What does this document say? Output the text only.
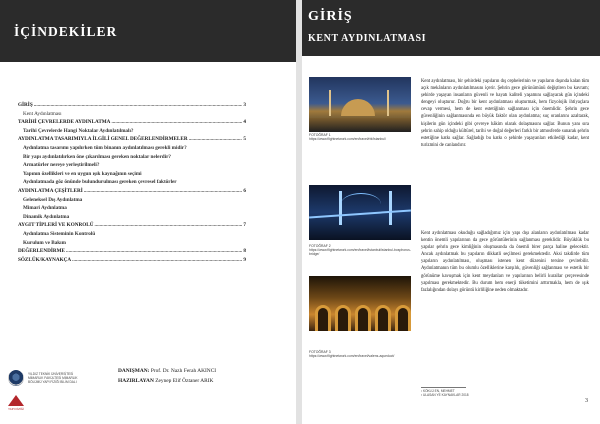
İÇİNDEKİLER
GİRİŞ .....	3
Kent Aydınlatması
TARİHİ ÇEVRELERDE AYDINLATMA .....	4
Tarihi Çevrelerde Hangi Noktalar Aydınlatılmalı?
AYDINLATMA TASARIMIYLA İLGİLİ GENEL DEĞERLENDİRMELER .....	5
Aydınlatma tasarımı yapılırken tüm binanın aydınlatılması gerekli midir?
Bir yapı aydınlatılırken öne çıkarılması gereken noktalar nelerdir?
Armatürler nereye yerleştirilmeli?
Yapının özellikleri ve en uygun ışık kaynağının seçimi
Aydınlatmada göz önünde bulundurulması gereken çevresel faktörler
AYDINLATMA ÇEŞİTLERİ .....	6
Geleneksel Dış Aydınlatma
Mimari Aydınlatma
Dinamik Aydınlatma
AYGIT TİPLERİ VE KONROLÜ .....	7
Aydınlatma Sisteminin Kontrolü
Kurulum ve Bakım
DEĞERLENDİRME .....	8
SÖZLÜK/KAYNAKÇA .....	9
YILDIZ TEKNİK ÜNİVERSİTESİ MİMARLIK FAKÜLTESİ MİMARLIK BÖLÜMÜ YAPI FİZİĞİ BİLİM DALI
YAPI FİZİĞİ
DANIŞMAN: Prof. Dr. Nazlı Ferah AKINCI
HAZIRLAYAN Zeynep Elif Öztaner ARIK
GİRİŞ
KENT AYDINLATMASI
FOTOĞRAF 1
https://www.flightnetwork.com/en/travel/rbl/istanbul/
FOTOĞRAF 2
https://www.flightnetwork.com/en/travel/istanbul/istanbul-bosphorus-bridge/
FOTOĞRAF 3
https://www.flightnetwork.com/en/travel/valens-aqueduct/

Kent aydınlatması, bir şehirdeki yapıların dış cephelerinin ve yapıların dışında kalan tüm açık mekânların aydınlatılmasını içerir. Şehrin gece görünümünü değiştiren bu kavram; şehirde yaşayan insanların güvenli ve hayatı kaliteli yaşamını sağlayarak gün içindeki dengeyi oluşturur. Doğru bir kent aydınlatması oluşturmak, hem fizyolojik ihtiyaçlara cevap vermesi, hem de kent estetiğinin sağlanması için önemlidir. Şehrin gece güvenliğinin sağlanmasında en büyük faktör olan aydınlatma; suç oranlarını azaltarak, kişilerin gün içindeki gibi çevreye hâkim olarak dolaşmasını sağlar. Bunun yanı sıra şehrin sahip olduğu kültürel, tarihi ve doğal değerleri farklı bir atmosferde sunarak şehrin estetiğine katkı sağlar. Sağladığı bu katkı o şehirde yaşayanları etkilediği kadar, kent turizmini de canlandırır.

Kent aydınlatması okuduğu sağladığımız için yapı dışı alanların aydınlatılması kadar kentin önemli yapılarının da gece görüntülerinin sağlanması gereklidir. Büyüklük bu yapılar şehrin gece kimliğinin oluşmasında da önemli birer parça haline gelecektir. Ancak aydınlatmak bu yapıların dikkatli seçilmesi gerekmektedir. Aksi takdirde tüm yapıların aydınlatılması, oluşması istenen kent düzenini tersine çevirebilir. Aydınlatmanın tüm bu olumlu özelliklerine karşılık, güvenliği sağlanması ve estetik bir görünüme kavuşmak için kent meydanları ve yapılarının belirli kurallar çerçevesinde yapılması gerekmektedir. Bu durum hem enerji tüketimini arttırmakla, hem de ışık fazlalığından dolayı görüntü kirliliğine neden olmaktadır.

¹ KÖKLÜ EN, MEHMET
² ULASAN YE KAYNAKLAR 2018
3
